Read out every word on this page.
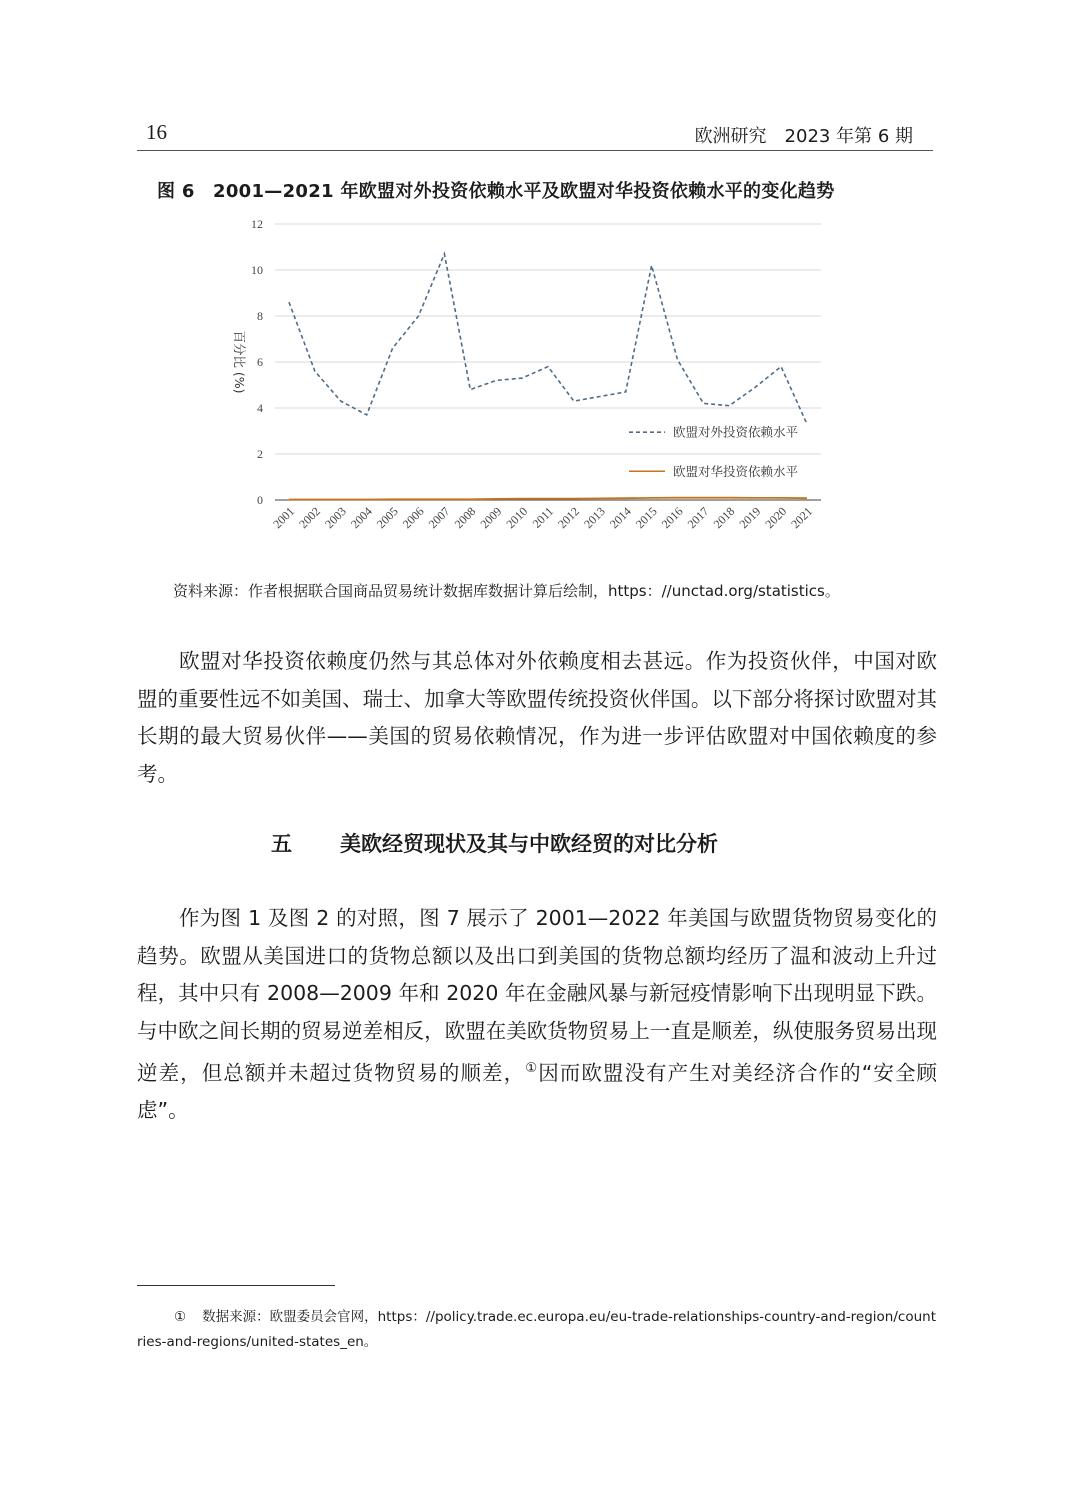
16	欧洲研究　2023 年第 6 期
图 6　2001—2021 年欧盟对外投资依赖水平及欧盟对华投资依赖水平的变化趋势
0
2
4
6
8
10
12
百分比 (%)
2001 2002 2003 2004 2005 2006 2007 2008 2009 2010 2011 2012 2013 2014 2015 2016 2017 2018 2019 2020 2021
欧盟对外投资依赖水平
欧盟对华投资依赖水平
资料来源：作者根据联合国商品贸易统计数据库数据计算后绘制，https：//unctad.org/statistics。

欧盟对华投资依赖度仍然与其总体对外依赖度相去甚远。作为投资伙伴，中国对欧盟的重要性远不如美国、瑞士、加拿大等欧盟传统投资伙伴国。以下部分将探讨欧盟对其长期的最大贸易伙伴——美国的贸易依赖情况，作为进一步评估欧盟对中国依赖度的参考。

五 美欧经贸现状及其与中欧经贸的对比分析

作为图 1 及图 2 的对照，图 7 展示了 2001—2022 年美国与欧盟货物贸易变化的趋势。欧盟从美国进口的货物总额以及出口到美国的货物总额均经历了温和波动上升过程，其中只有 2008—2009 年和 2020 年在金融风暴与新冠疫情影响下出现明显下跌。与中欧之间长期的贸易逆差相反，欧盟在美欧货物贸易上一直是顺差，纵使服务贸易出现逆差，但总额并未超过货物贸易的顺差，①因而欧盟没有产生对美经济合作的“安全顾虑”。

① 数据来源：欧盟委员会官网，https：//policy.trade.ec.europa.eu/eu-trade-relationships-country-and-region/countries-and-regions/united-states_en。
